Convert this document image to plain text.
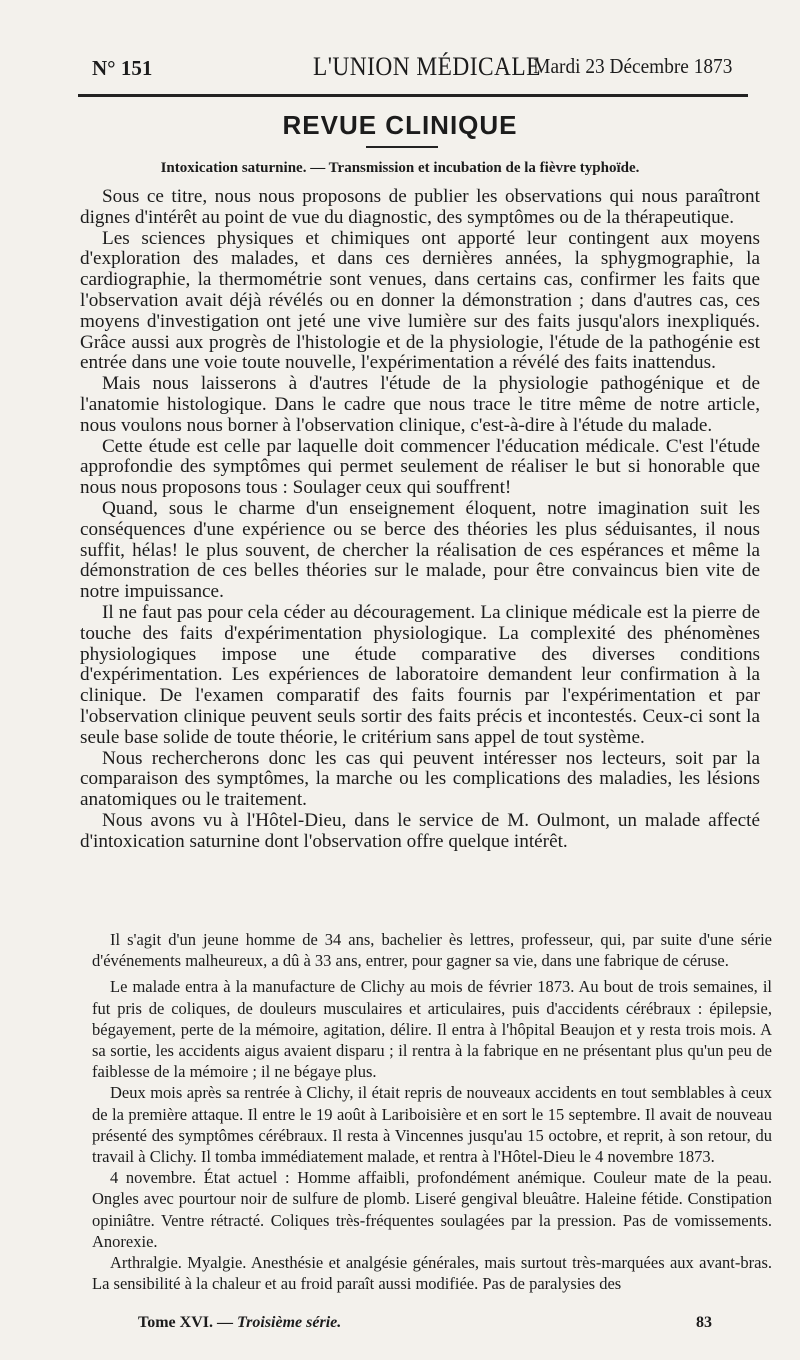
N° 151	L'UNION MÉDICALE
Mardi 23 Décembre 1873
REVUE CLINIQUE
Intoxication saturnine. — Transmission et incubation de la fièvre typhoïde.

Sous ce titre, nous nous proposons de publier les observations qui nous paraîtront dignes d'intérêt au point de vue du diagnostic, des symptômes ou de la thérapeutique.

Les sciences physiques et chimiques ont apporté leur contingent aux moyens d'exploration des malades, et dans ces dernières années, la sphygmographie, la cardiographie, la thermométrie sont venues, dans certains cas, confirmer les faits que l'observation avait déjà révélés ou en donner la démonstration ; dans d'autres cas, ces moyens d'investigation ont jeté une vive lumière sur des faits jusqu'alors inexpliqués. Grâce aussi aux progrès de l'histologie et de la physiologie, l'étude de la pathogénie est entrée dans une voie toute nouvelle, l'expérimentation a révélé des faits inattendus.

Mais nous laisserons à d'autres l'étude de la physiologie pathogénique et de l'anatomie histologique. Dans le cadre que nous trace le titre même de notre article, nous voulons nous borner à l'observation clinique, c'est-à-dire à l'étude du malade.

Cette étude est celle par laquelle doit commencer l'éducation médicale. C'est l'étude approfondie des symptômes qui permet seulement de réaliser le but si honorable que nous nous proposons tous : Soulager ceux qui souffrent!

Quand, sous le charme d'un enseignement éloquent, notre imagination suit les conséquences d'une expérience ou se berce des théories les plus séduisantes, il nous suffit, hélas! le plus souvent, de chercher la réalisation de ces espérances et même la démonstration de ces belles théories sur le malade, pour être convaincus bien vite de notre impuissance.

Il ne faut pas pour cela céder au découragement. La clinique médicale est la pierre de touche des faits d'expérimentation physiologique. La complexité des phénomènes physiologiques impose une étude comparative des diverses conditions d'expérimentation. Les expériences de laboratoire demandent leur confirmation à la clinique. De l'examen comparatif des faits fournis par l'expérimentation et par l'observation clinique peuvent seuls sortir des faits précis et incontestés. Ceux-ci sont la seule base solide de toute théorie, le critérium sans appel de tout système.

Nous rechercherons donc les cas qui peuvent intéresser nos lecteurs, soit par la comparaison des symptômes, la marche ou les complications des maladies, les lésions anatomiques ou le traitement.

Nous avons vu à l'Hôtel-Dieu, dans le service de M. Oulmont, un malade affecté d'intoxication saturnine dont l'observation offre quelque intérêt.

Il s'agit d'un jeune homme de 34 ans, bachelier ès lettres, professeur, qui, par suite d'une série d'événements malheureux, a dû à 33 ans, entrer, pour gagner sa vie, dans une fabrique de céruse.

Le malade entra à la manufacture de Clichy au mois de février 1873. Au bout de trois semaines, il fut pris de coliques, de douleurs musculaires et articulaires, puis d'accidents cérébraux : épilepsie, bégayement, perte de la mémoire, agitation, délire. Il entra à l'hôpital Beaujon et y resta trois mois. A sa sortie, les accidents aigus avaient disparu ; il rentra à la fabrique en ne présentant plus qu'un peu de faiblesse de la mémoire ; il ne bégaye plus.

Deux mois après sa rentrée à Clichy, il était repris de nouveaux accidents en tout semblables à ceux de la première attaque. Il entre le 19 août à Lariboisière et en sort le 15 septembre. Il avait de nouveau présenté des symptômes cérébraux. Il resta à Vincennes jusqu'au 15 octobre, et reprit, à son retour, du travail à Clichy. Il tomba immédiatement malade, et rentra à l'Hôtel-Dieu le 4 novembre 1873.

4 novembre. État actuel : Homme affaibli, profondément anémique. Couleur mate de la peau. Ongles avec pourtour noir de sulfure de plomb. Liseré gengival bleuâtre. Haleine fétide. Constipation opiniâtre. Ventre rétracté. Coliques très-fréquentes soulagées par la pression. Pas de vomissements. Anorexie.

Arthralgie. Myalgie. Anesthésie et analgésie générales, mais surtout très-marquées aux avant-bras. La sensibilité à la chaleur et au froid paraît aussi modifiée. Pas de paralysies des

Tome XVI. — Troisième série.	83
